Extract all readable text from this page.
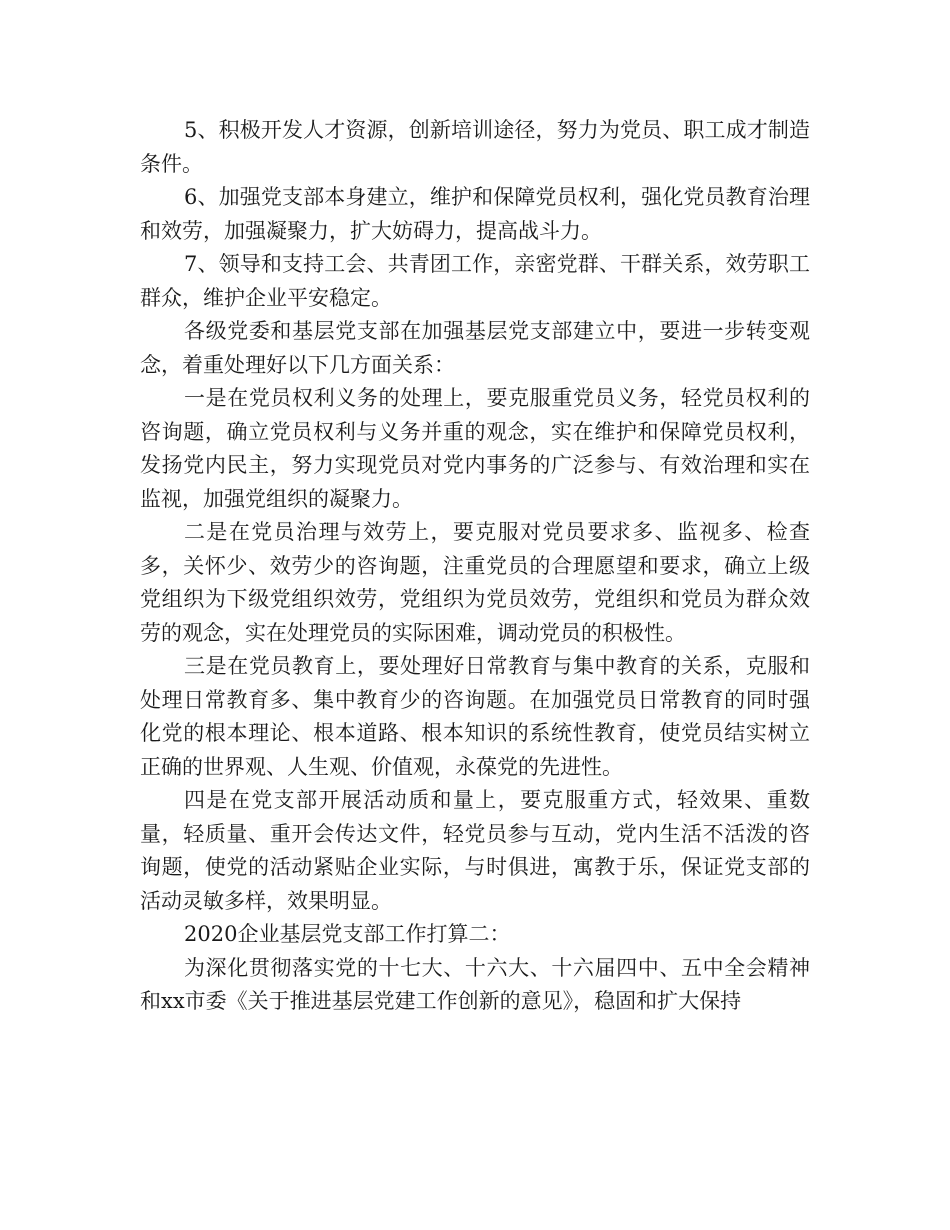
5、积极开发人才资源，创新培训途径，努力为党员、职工成才制造条件。

6、加强党支部本身建立，维护和保障党员权利，强化党员教育治理和效劳，加强凝聚力，扩大妨碍力，提高战斗力。

7、领导和支持工会、共青团工作，亲密党群、干群关系，效劳职工群众，维护企业平安稳定。

各级党委和基层党支部在加强基层党支部建立中，要进一步转变观念，着重处理好以下几方面关系：

一是在党员权利义务的处理上，要克服重党员义务，轻党员权利的咨询题，确立党员权利与义务并重的观念，实在维护和保障党员权利，发扬党内民主，努力实现党员对党内事务的广泛参与、有效治理和实在监视，加强党组织的凝聚力。

二是在党员治理与效劳上，要克服对党员要求多、监视多、检查多，关怀少、效劳少的咨询题，注重党员的合理愿望和要求，确立上级党组织为下级党组织效劳，党组织为党员效劳，党组织和党员为群众效劳的观念，实在处理党员的实际困难，调动党员的积极性。

三是在党员教育上，要处理好日常教育与集中教育的关系，克服和处理日常教育多、集中教育少的咨询题。在加强党员日常教育的同时强化党的根本理论、根本道路、根本知识的系统性教育，使党员结实树立正确的世界观、人生观、价值观，永葆党的先进性。

四是在党支部开展活动质和量上，要克服重方式，轻效果、重数量，轻质量、重开会传达文件，轻党员参与互动，党内生活不活泼的咨询题，使党的活动紧贴企业实际，与时俱进，寓教于乐，保证党支部的活动灵敏多样，效果明显。

2020企业基层党支部工作打算二：

为深化贯彻落实党的十七大、十六大、十六届四中、五中全会精神和xx市委《关于推进基层党建工作创新的意见》，稳固和扩大保持
